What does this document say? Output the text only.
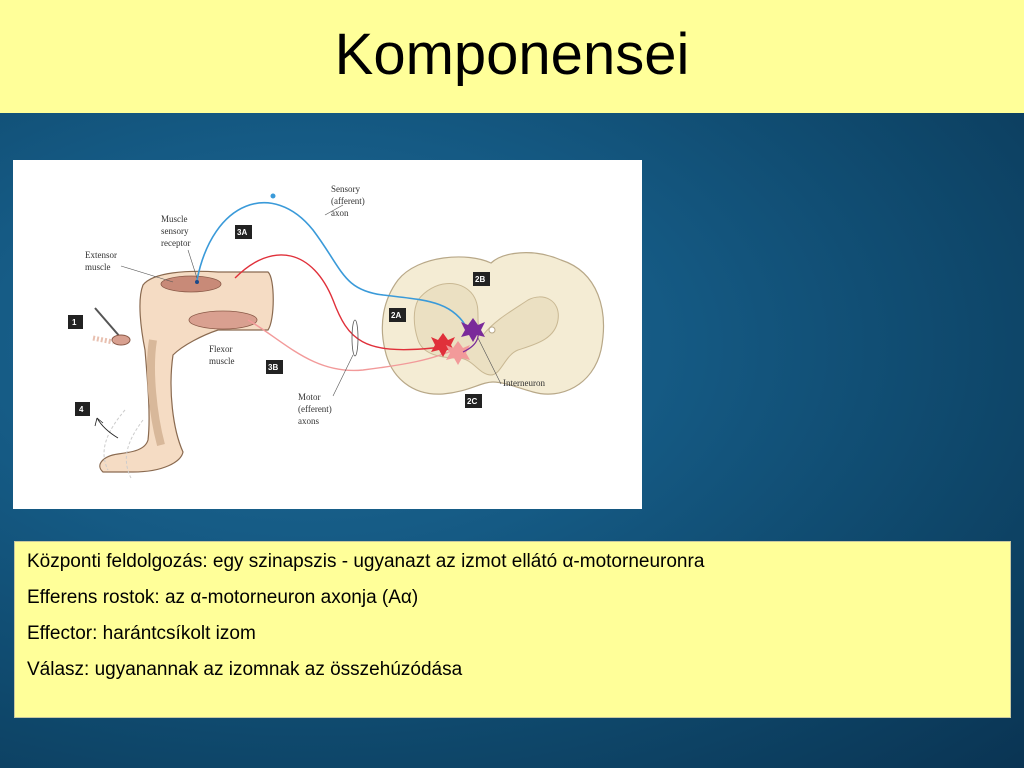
Komponensei
Sensory
(afferent)
axon
Muscle
sensory
receptor
Extensor
muscle
Flexor
muscle
Motor
(efferent)
axons
Interneuron
1
3A
2B
2A
3B
2C
4
Központi feldolgozás: egy szinapszis - ugyanazt az izmot ellátó α-motorneuronra
Efferens rostok: az α-motorneuron axonja (Aα)
Effector: harántcsíkolt izom
Válasz: ugyanannak az izomnak az összehúzódása
